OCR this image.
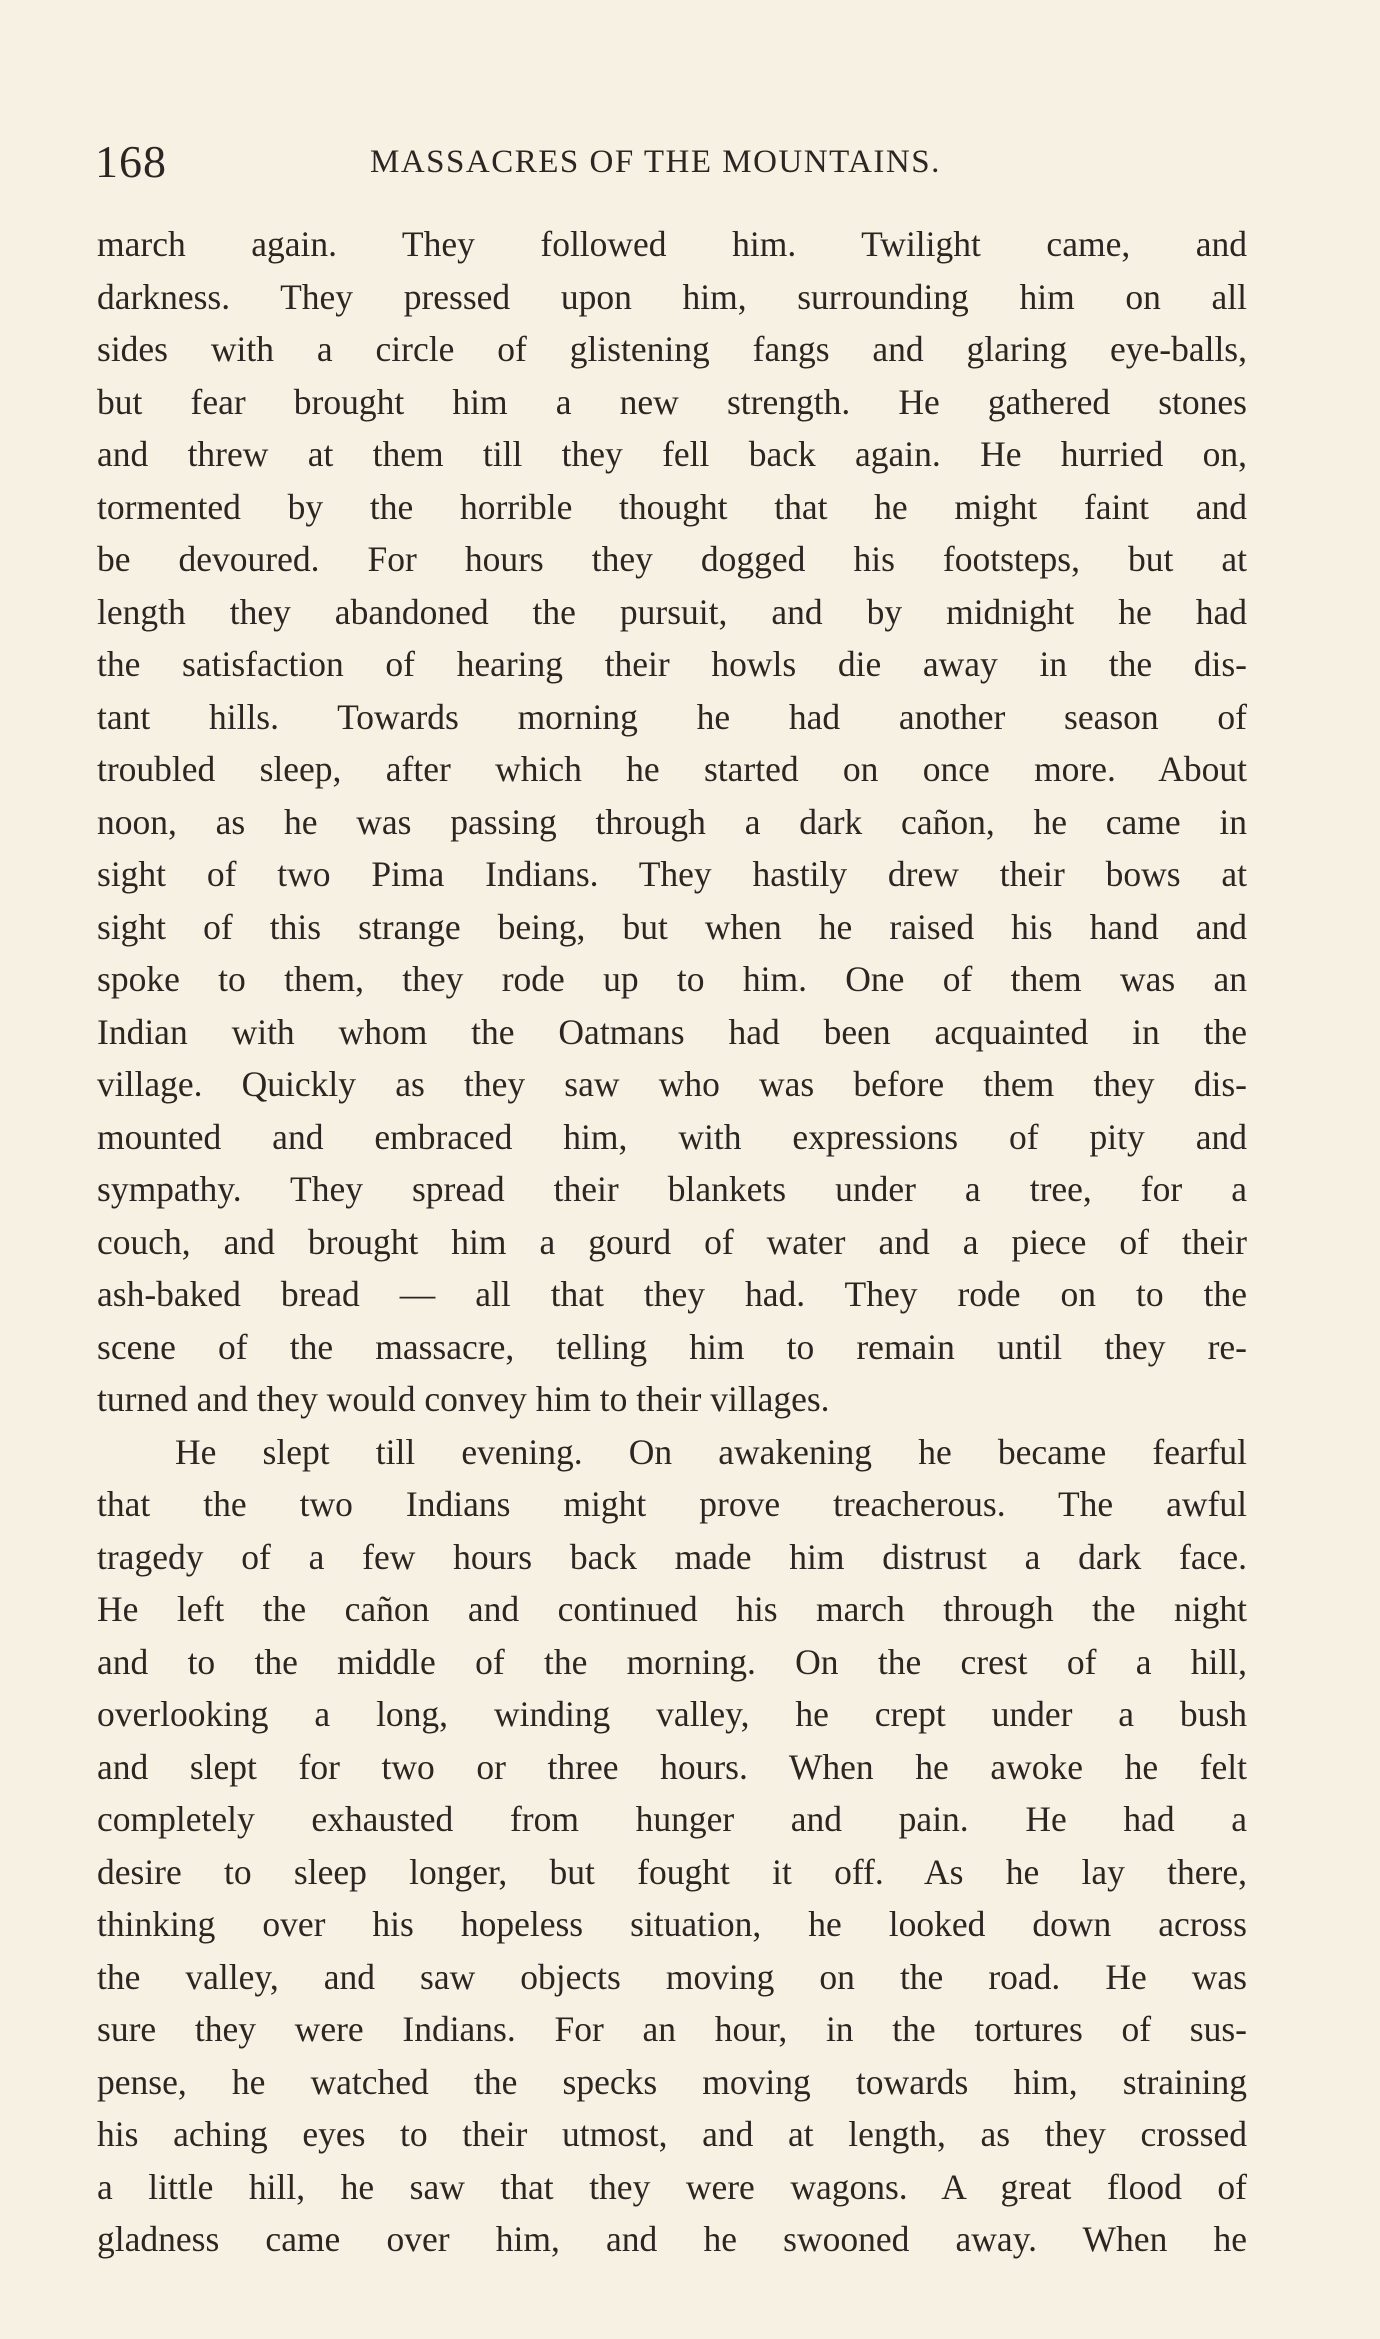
168	MASSACRES OF THE MOUNTAINS.
march again. They followed him. Twilight came, and
darkness. They pressed upon him, surrounding him on all
sides with a circle of glistening fangs and glaring eye-balls,
but fear brought him a new strength. He gathered stones
and threw at them till they fell back again. He hurried on,
tormented by the horrible thought that he might faint and
be devoured. For hours they dogged his footsteps, but at
length they abandoned the pursuit, and by midnight he had
the satisfaction of hearing their howls die away in the dis-
tant hills. Towards morning he had another season of
troubled sleep, after which he started on once more. About
noon, as he was passing through a dark cañon, he came in
sight of two Pima Indians. They hastily drew their bows at
sight of this strange being, but when he raised his hand and
spoke to them, they rode up to him. One of them was an
Indian with whom the Oatmans had been acquainted in the
village. Quickly as they saw who was before them they dis-
mounted and embraced him, with expressions of pity and
sympathy. They spread their blankets under a tree, for a
couch, and brought him a gourd of water and a piece of their
ash-baked bread — all that they had. They rode on to the
scene of the massacre, telling him to remain until they re-
turned and they would convey him to their villages.
He slept till evening. On awakening he became fearful
that the two Indians might prove treacherous. The awful
tragedy of a few hours back made him distrust a dark face.
He left the cañon and continued his march through the night
and to the middle of the morning. On the crest of a hill,
overlooking a long, winding valley, he crept under a bush
and slept for two or three hours. When he awoke he felt
completely exhausted from hunger and pain. He had a
desire to sleep longer, but fought it off. As he lay there,
thinking over his hopeless situation, he looked down across
the valley, and saw objects moving on the road. He was
sure they were Indians. For an hour, in the tortures of sus-
pense, he watched the specks moving towards him, straining
his aching eyes to their utmost, and at length, as they crossed
a little hill, he saw that they were wagons. A great flood of
gladness came over him, and he swooned away. When he
